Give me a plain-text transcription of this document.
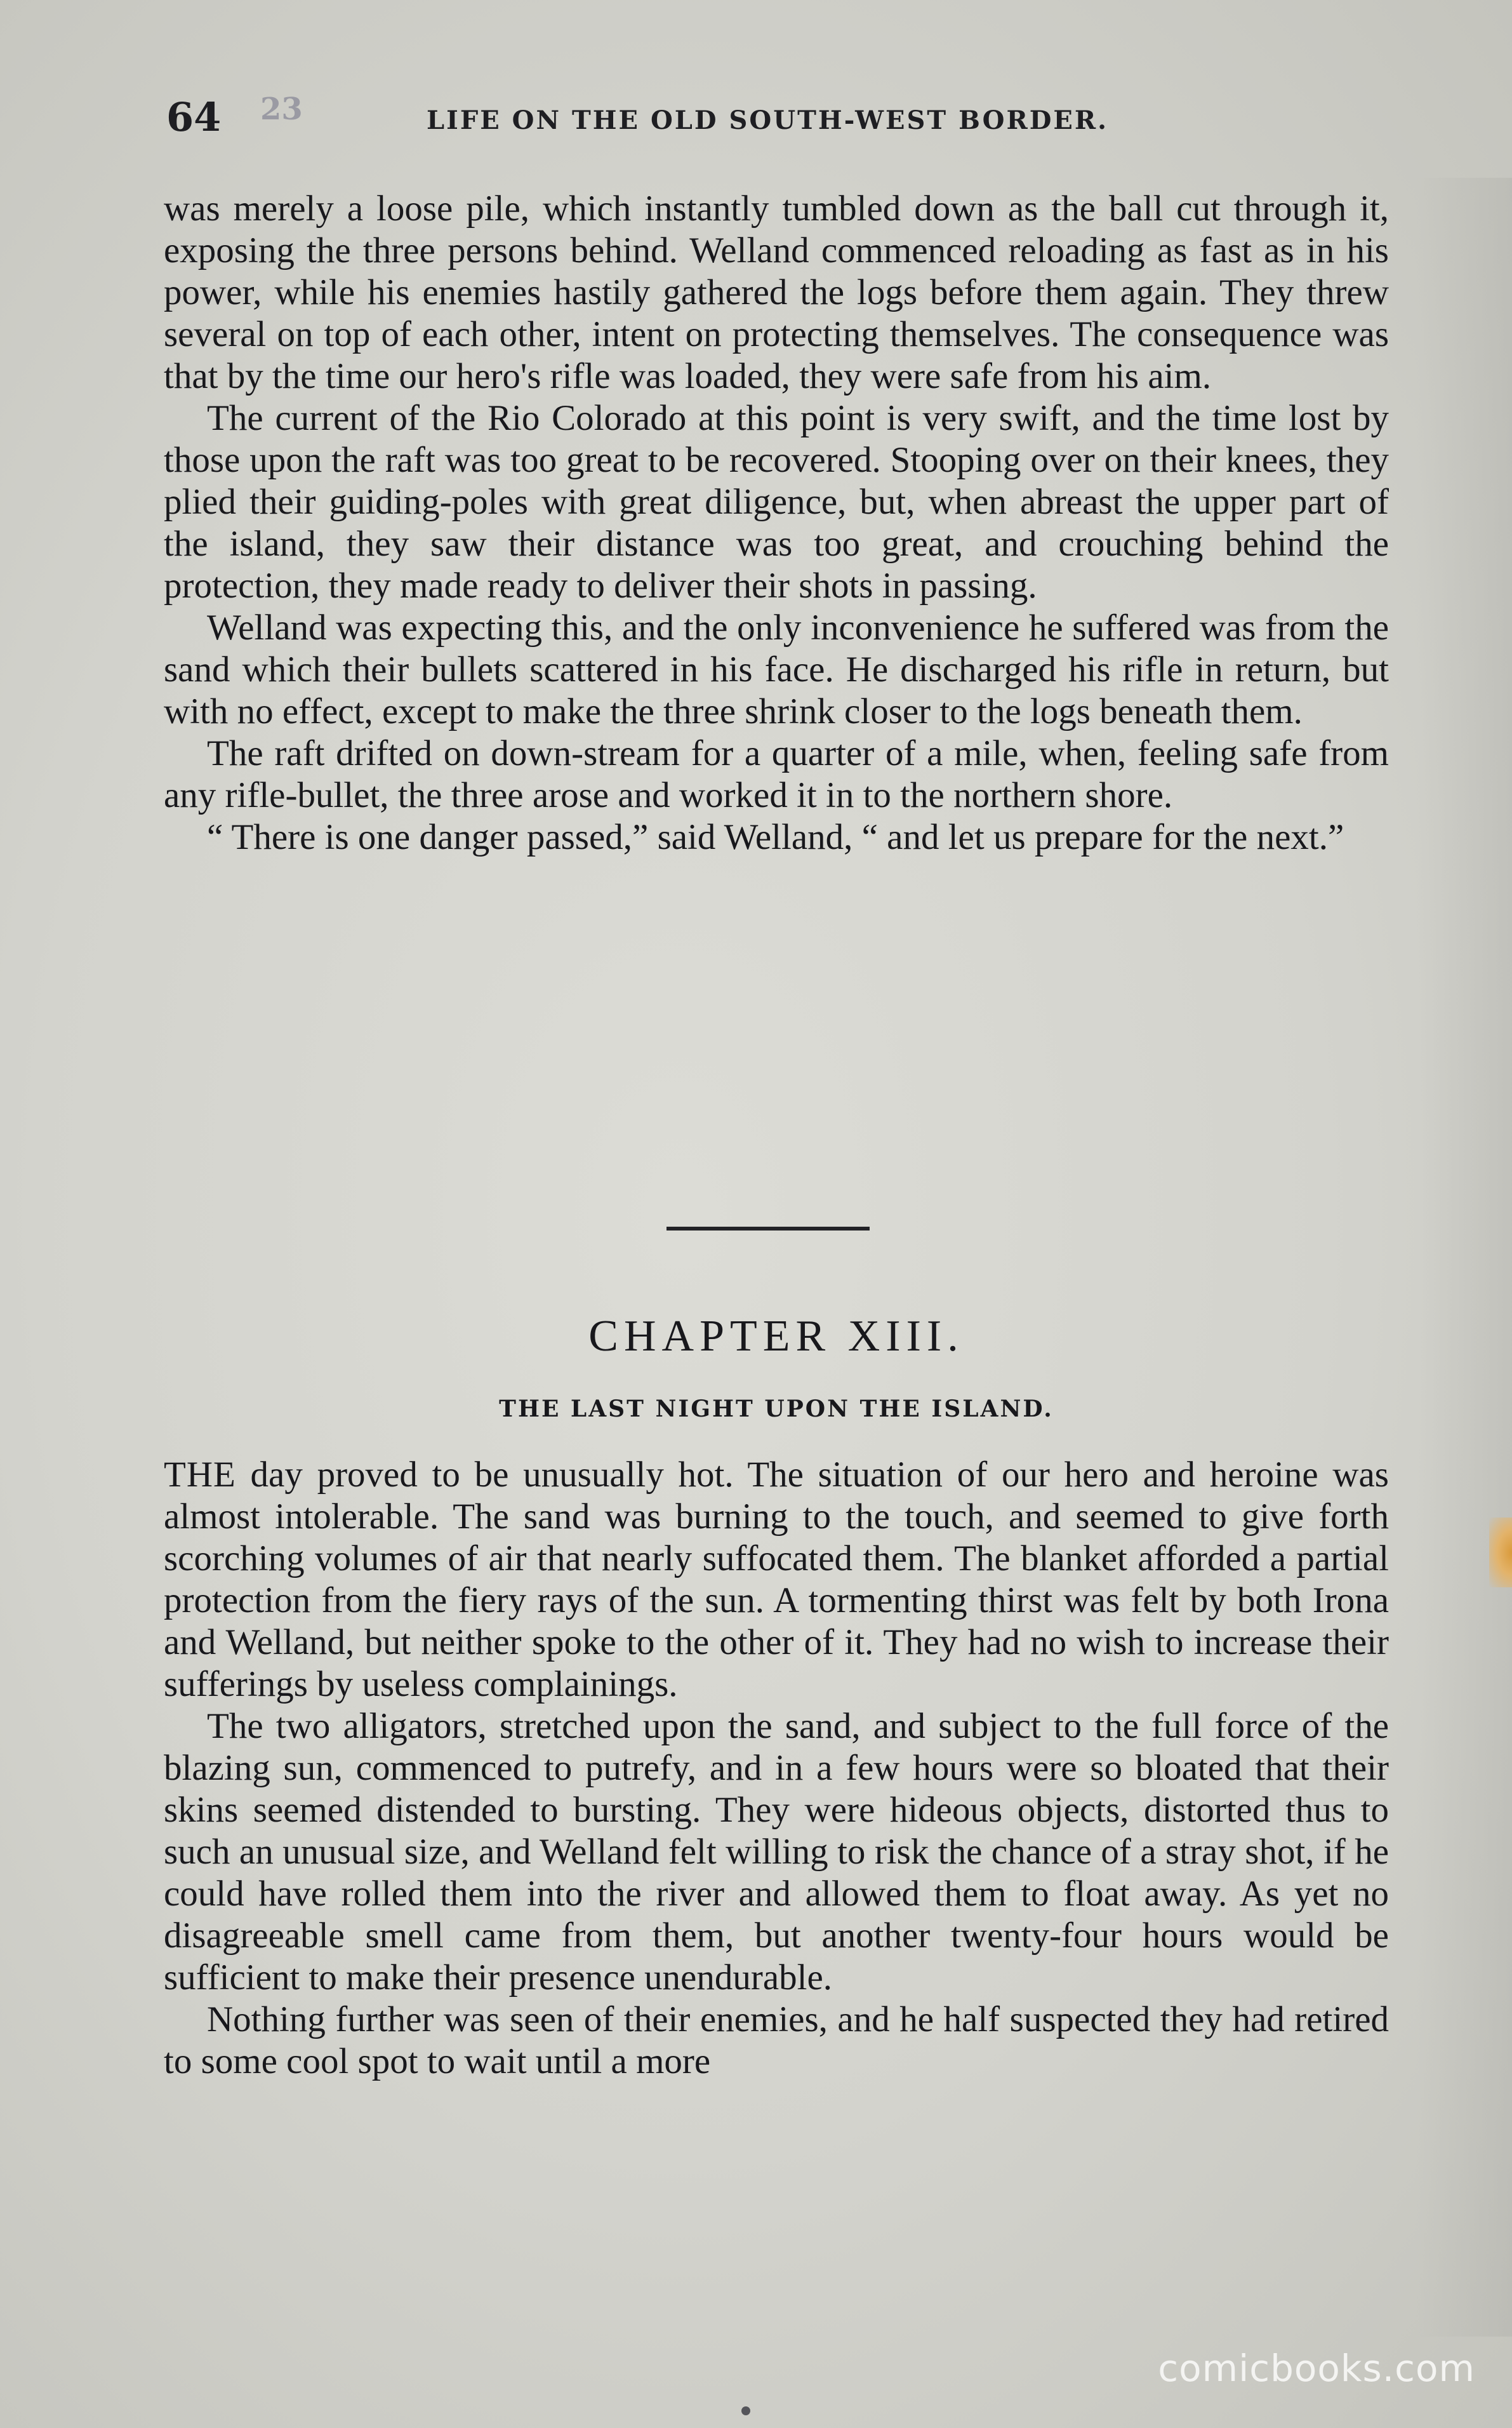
64 23	LIFE ON THE OLD SOUTH-WEST BORDER.

was merely a loose pile, which instantly tumbled down as the ball cut through it, exposing the three persons behind. Welland commenced reloading as fast as in his power, while his enemies hastily gathered the logs before them again. They threw several on top of each other, intent on protecting themselves. The consequence was that by the time our hero's rifle was loaded, they were safe from his aim.

The current of the Rio Colorado at this point is very swift, and the time lost by those upon the raft was too great to be recovered. Stooping over on their knees, they plied their guiding-poles with great diligence, but, when abreast the upper part of the island, they saw their distance was too great, and crouching behind the protection, they made ready to deliver their shots in passing.

Welland was expecting this, and the only inconvenience he suffered was from the sand which their bullets scattered in his face. He discharged his rifle in return, but with no effect, except to make the three shrink closer to the logs beneath them.

The raft drifted on down-stream for a quarter of a mile, when, feeling safe from any rifle-bullet, the three arose and worked it in to the northern shore.

“ There is one danger passed,” said Welland, “ and let us prepare for the next.”

CHAPTER XIII.
THE LAST NIGHT UPON THE ISLAND.

THE day proved to be unusually hot. The situation of our hero and heroine was almost intolerable. The sand was burning to the touch, and seemed to give forth scorching volumes of air that nearly suffocated them. The blanket afforded a partial protection from the fiery rays of the sun. A tormenting thirst was felt by both Irona and Welland, but neither spoke to the other of it. They had no wish to increase their sufferings by useless complainings.

The two alligators, stretched upon the sand, and subject to the full force of the blazing sun, commenced to putrefy, and in a few hours were so bloated that their skins seemed distended to bursting. They were hideous objects, distorted thus to such an unusual size, and Welland felt willing to risk the chance of a stray shot, if he could have rolled them into the river and allowed them to float away. As yet no disagreeable smell came from them, but another twenty-four hours would be sufficient to make their presence unendurable.

Nothing further was seen of their enemies, and he half suspected they had retired to some cool spot to wait until a more

comicbooks.com
